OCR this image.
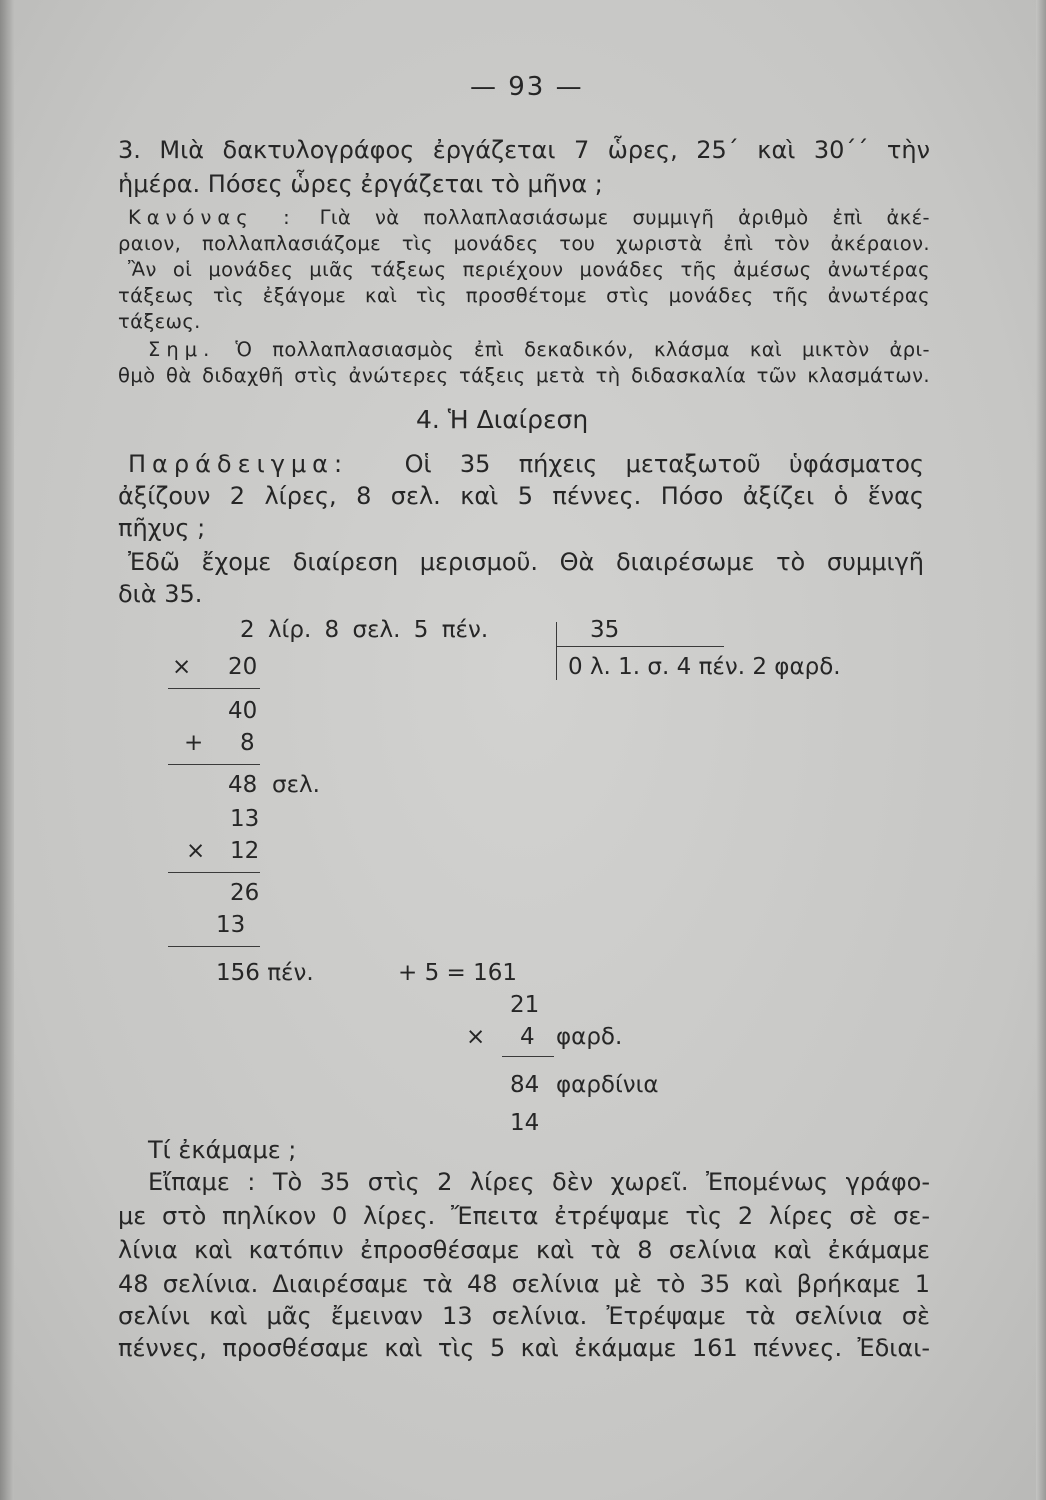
— 93 —
3. Μιὰ δακτυλογράφος ἐργάζεται 7 ὧρες, 25΄ καὶ 30΄΄ τὴν
ἡμέρα. Πόσες ὧρες ἐργάζεται τὸ μῆνα ;
Κανόνας : Γιὰ νὰ πολλαπλασιάσωμε συμμιγῆ ἀριθμὸ ἐπὶ ἀκέ-
ραιον, πολλαπλασιάζομε τὶς μονάδες του χωριστὰ ἐπὶ τὸν ἀκέραιον.
Ἂν οἱ μονάδες μιᾶς τάξεως περιέχουν μονάδες τῆς ἀμέσως ἀνωτέρας
τάξεως τὶς ἐξάγομε καὶ τὶς προσθέτομε στὶς μονάδες τῆς ἀνωτέρας
τάξεως.
Σημ. Ὁ πολλαπλασιασμὸς ἐπὶ δεκαδικόν, κλάσμα καὶ μικτὸν ἀρι-
θμὸ θὰ διδαχθῆ στὶς ἀνώτερες τάξεις μετὰ τὴ διδασκαλία τῶν κλασμάτων.
4. Ἡ Διαίρεση
Παράδειγμα: Οἱ 35 πήχεις μεταξωτοῦ ὑφάσματος
ἀξίζουν 2 λίρες, 8 σελ. καὶ 5 πέννες. Πόσο ἀξίζει ὁ ἕνας
πῆχυς ;
Ἐδῶ ἔχομε διαίρεση μερισμοῦ. Θὰ διαιρέσωμε τὸ συμμιγῆ
διὰ 35.
2 λίρ. 8 σελ. 5 πέν.	35
0 λ. 1. σ. 4 πέν. 2 φαρδ.
× 20
40
+ 8
48 σελ.
13
× 12
26
13
156 πέν.	+ 5 = 161
21
× 4 φαρδ.
84 φαρδίνια
14
Τί ἐκάμαμε ;
Εἴπαμε : Τὸ 35 στὶς 2 λίρες δὲν χωρεῖ. Ἐπομένως γράφο-
με στὸ πηλίκον 0 λίρες. Ἔπειτα ἐτρέψαμε τὶς 2 λίρες σὲ σε-
λίνια καὶ κατόπιν ἐπροσθέσαμε καὶ τὰ 8 σελίνια καὶ ἐκάμαμε
48 σελίνια. Διαιρέσαμε τὰ 48 σελίνια μὲ τὸ 35 καὶ βρήκαμε 1
σελίνι καὶ μᾶς ἔμειναν 13 σελίνια. Ἐτρέψαμε τὰ σελίνια σὲ
πέννες, προσθέσαμε καὶ τὶς 5 καὶ ἐκάμαμε 161 πέννες. Ἐδιαι-
